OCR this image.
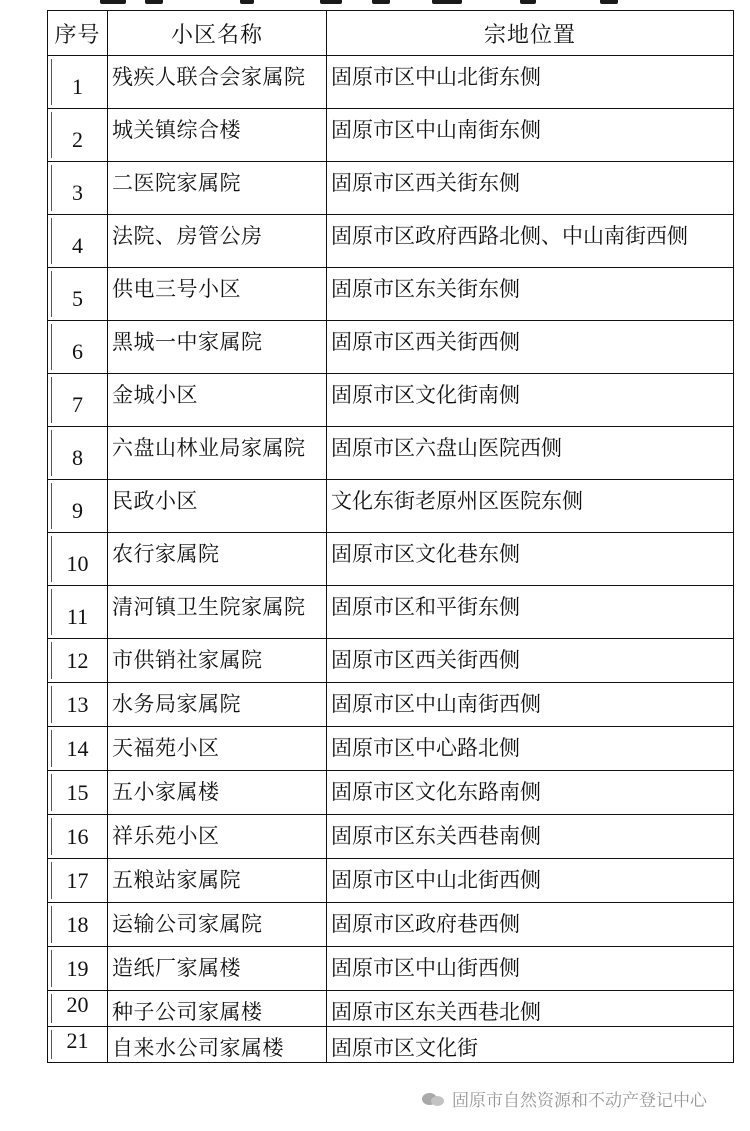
序号	小区名称	宗地位置
1	残疾人联合会家属院	固原市区中山北街东侧
2	城关镇综合楼	固原市区中山南街东侧
3	二医院家属院	固原市区西关街东侧
4	法院、房管公房	固原市区政府西路北侧、中山南街西侧
5	供电三号小区	固原市区东关街东侧
6	黑城一中家属院	固原市区西关街西侧
7	金城小区	固原市区文化街南侧
8	六盘山林业局家属院	固原市区六盘山医院西侧
9	民政小区	文化东街老原州区医院东侧
10	农行家属院	固原市区文化巷东侧
11	清河镇卫生院家属院	固原市区和平街东侧
12	市供销社家属院	固原市区西关街西侧
13	水务局家属院	固原市区中山南街西侧
14	天福苑小区	固原市区中心路北侧
15	五小家属楼	固原市区文化东路南侧
16	祥乐苑小区	固原市区东关西巷南侧
17	五粮站家属院	固原市区中山北街西侧
18	运输公司家属院	固原市区政府巷西侧
19	造纸厂家属楼	固原市区中山街西侧
20	种子公司家属楼	固原市区东关西巷北侧
21	自来水公司家属楼	固原市区文化街
固原市自然资源和不动产登记中心
